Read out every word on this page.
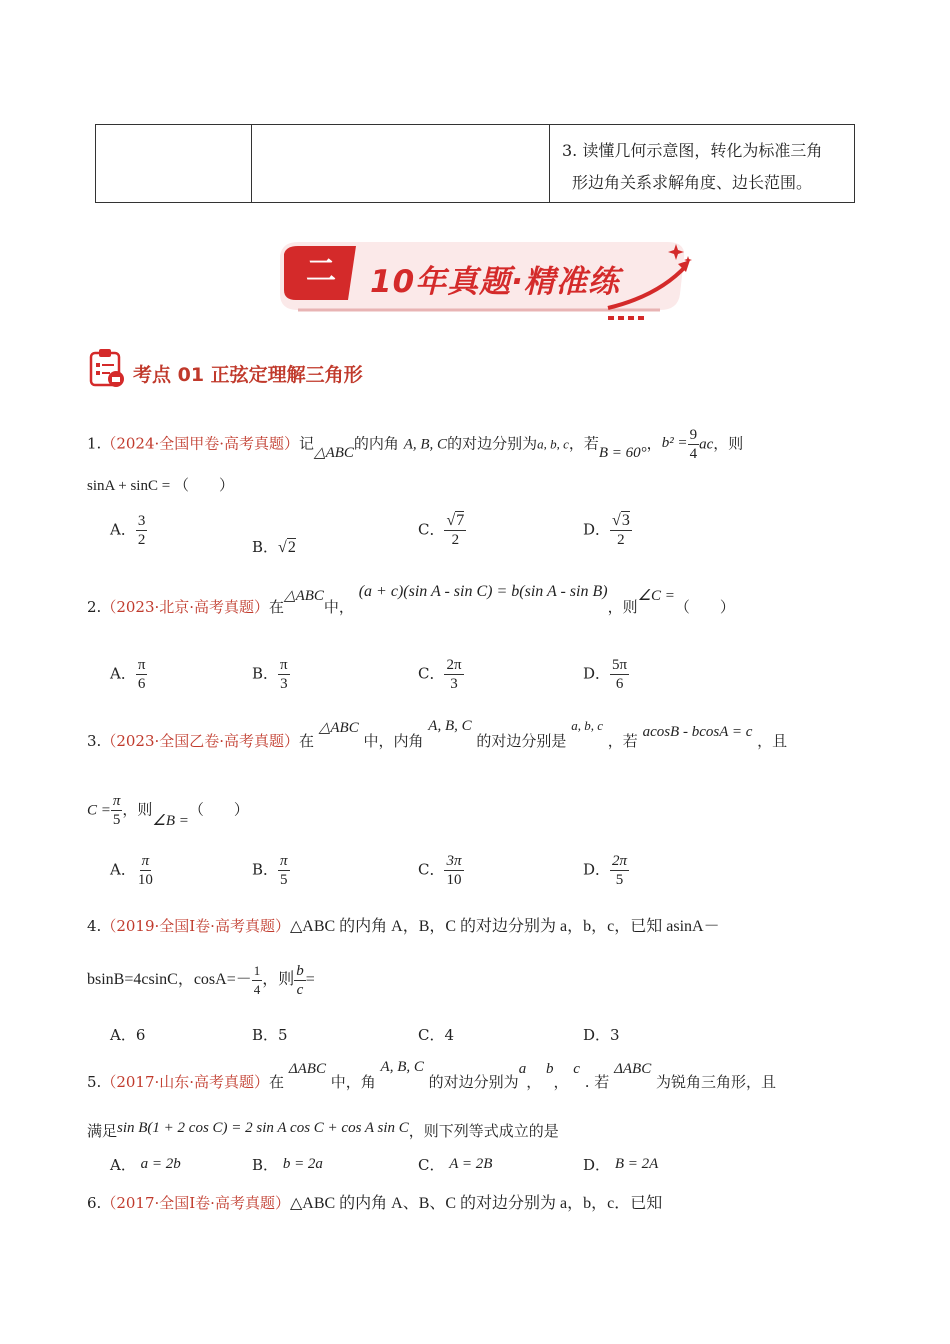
3. 读懂几何示意图，转化为标准三角
形边角关系求解角度、边长范围。
二	10年真题·精准练
考点 01 正弦定理解三角形
1.（2024·全国甲卷·高考真题）记△ABC的内角 A, B, C的对边分别为a, b, c，若B = 60°，$b^2 = \frac{9}{4}$ ac，则
sinA + sinC = （　　）
A． $\frac{3}{2}$	B．√2
C． $\frac{√7}{2}$	D． $\frac{√3}{2}$
2.（2023·北京·高考真题）在△ABC中， (a + c)(sin A - sin C) = b(sin A - sin B)，则∠C =（　　）
A． $\frac{\pi}{6}$	B． $\frac{\pi}{3}$	C． $\frac{2\pi}{3}$	D． $\frac{5\pi}{6}$
3.（2023·全国乙卷·高考真题）在 △ABC 中，内角 A, B, C 的对边分别是 a, b, c ，若 acosB - bcosA = c ，且
$C = \frac{\pi}{5}$ ，则∠B =（　　）
A． $\frac{\pi}{10}$	B． $\frac{\pi}{5}$	C． $\frac{3\pi}{10}$	D． $\frac{2\pi}{5}$
4.（2019·全国Ⅰ卷·高考真题）△ABC 的内角 A，B，C 的对边分别为 a，b，c，已知 asinA－
bsinB=4csinC，$\cos A=- \frac{1}{4}$ ，则 $\frac{b}{c}$ =
A．6	B．5	C．4	D．3
5.（2017·山东·高考真题）在 ΔABC 中，角 A, B, C 的对边分别为a， b， c . 若 ΔABC 为锐角三角形，且
满足sin B(1 + 2 cos C) = 2 sin A cos C + cos A sin C，则下列等式成立的是
A． a = 2b	B． b = 2a	C． A = 2B	D． B = 2A
6.（2017·全国Ⅰ卷·高考真题）△ABC 的内角 A、B、C 的对边分别为 a，b，c．已知
